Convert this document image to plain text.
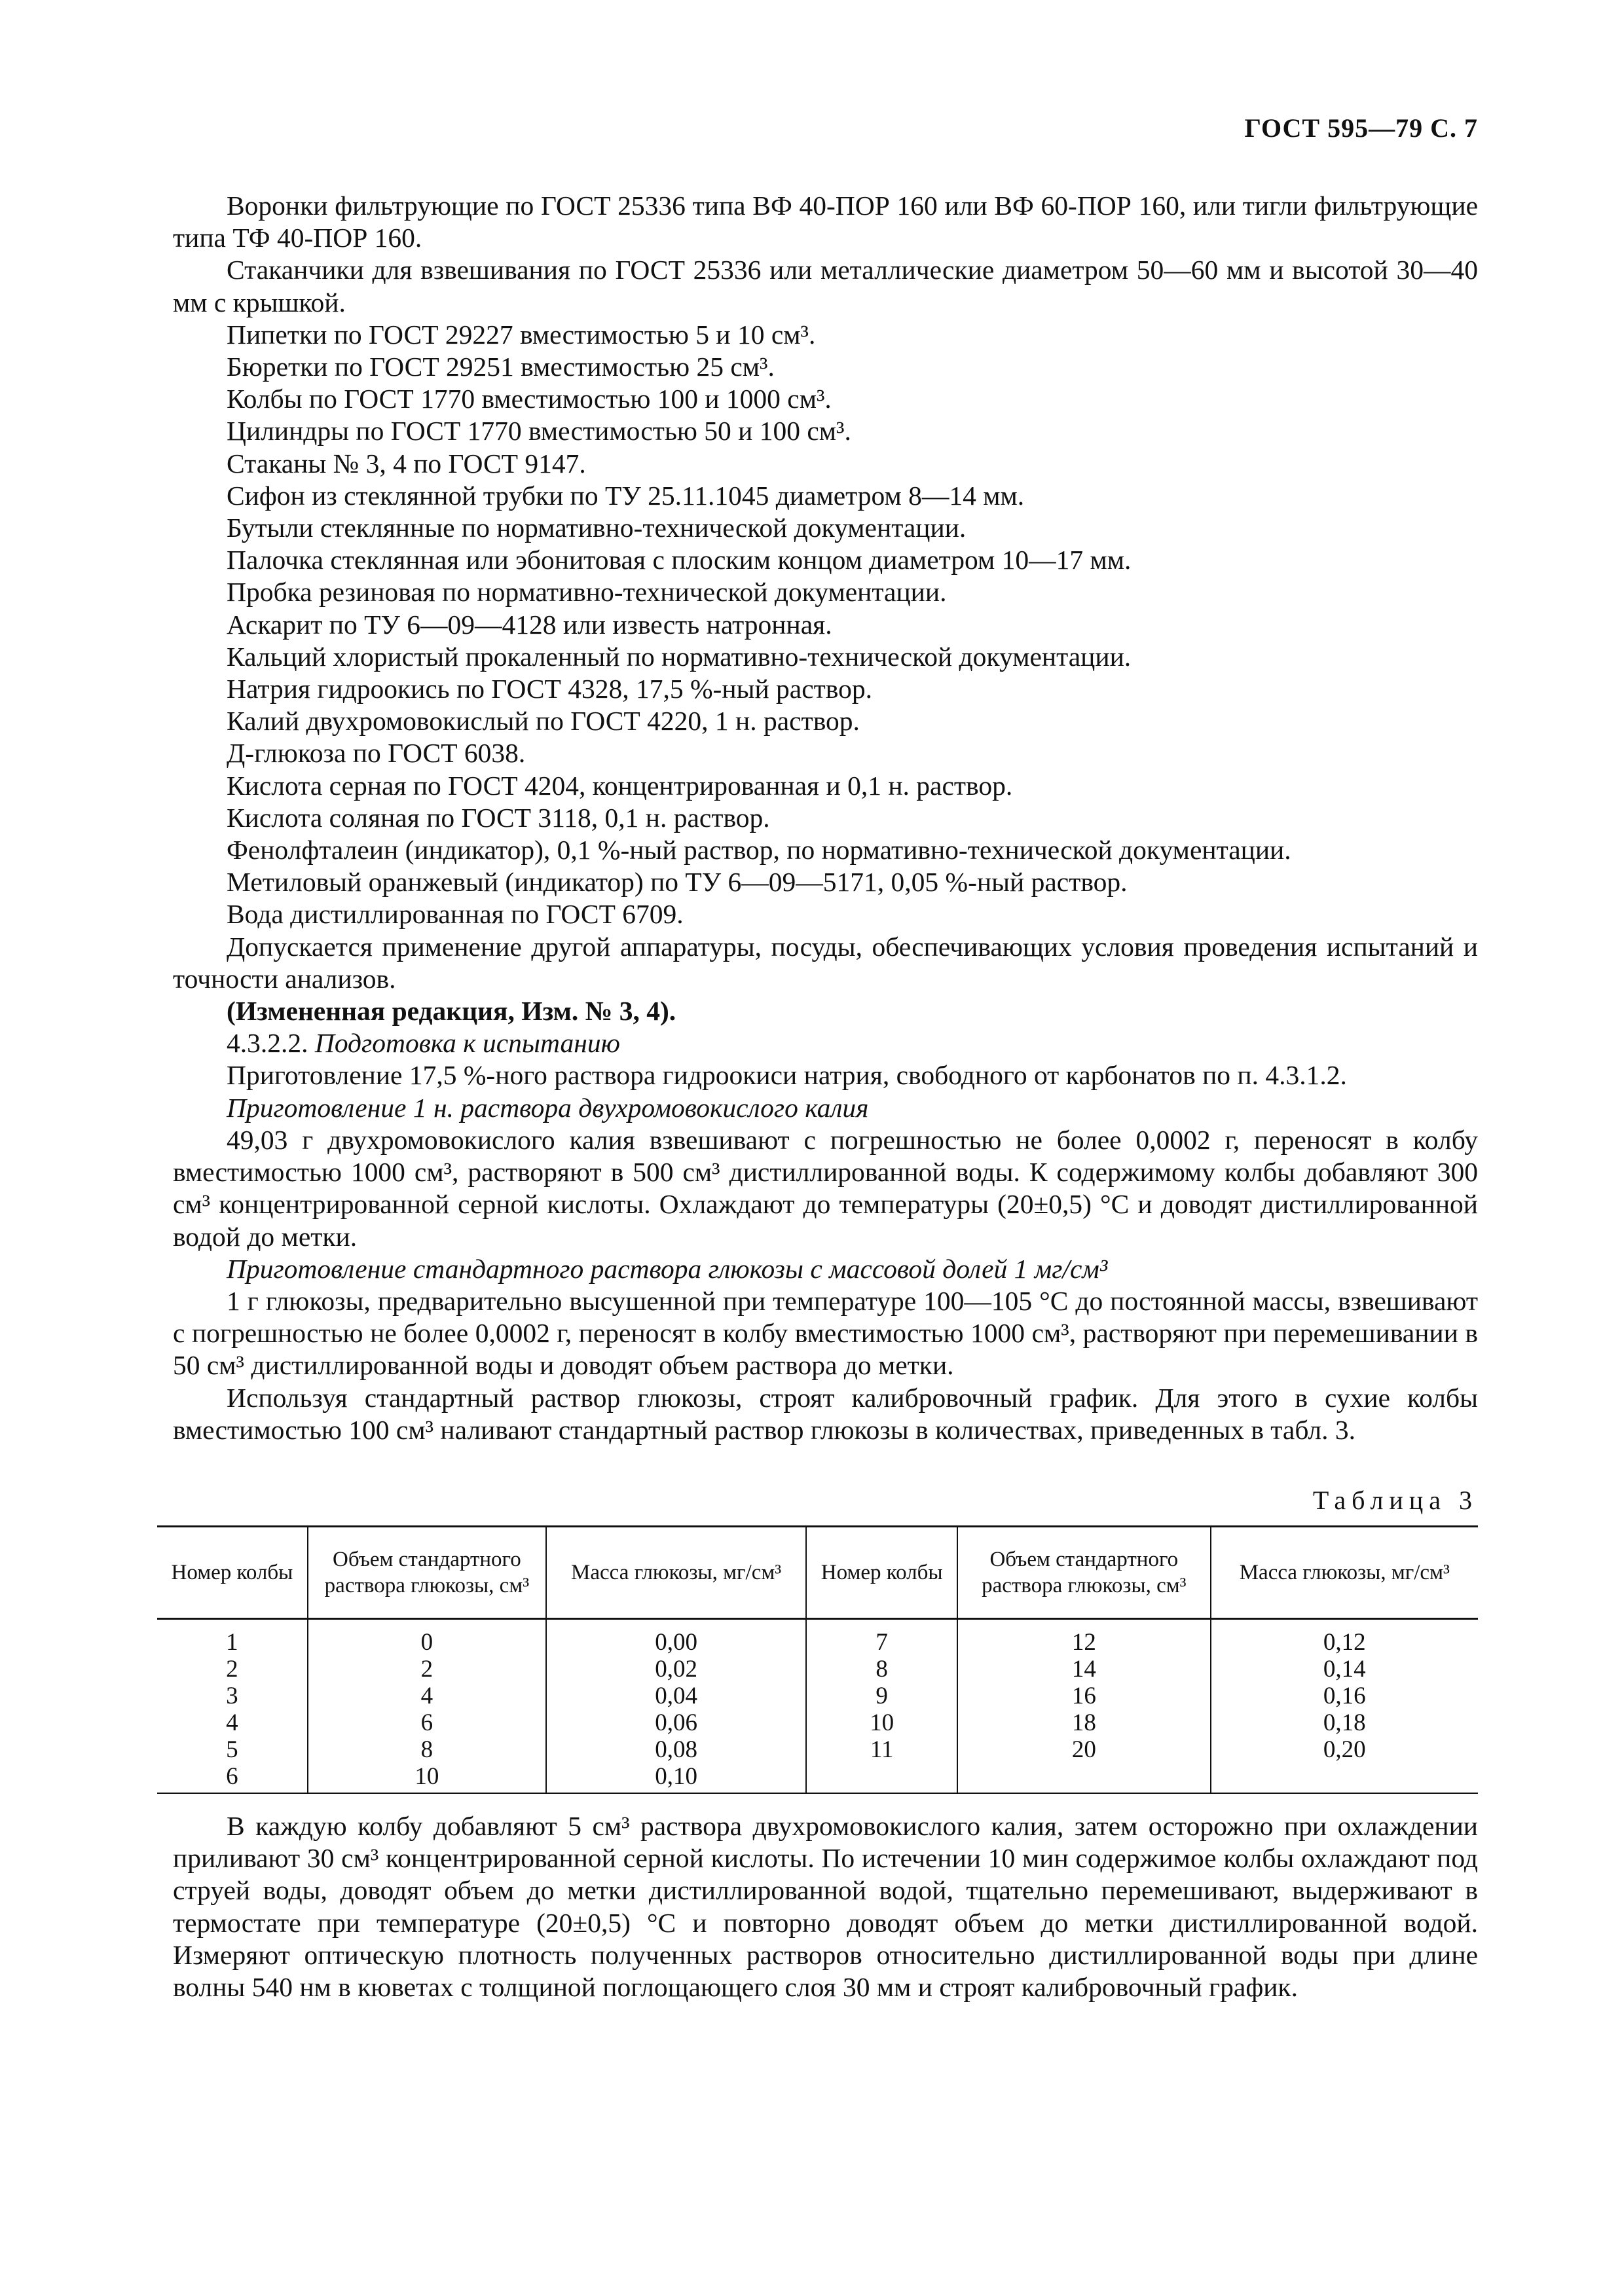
ГОСТ 595—79 С. 7

Воронки фильтрующие по ГОСТ 25336 типа ВФ 40-ПОР 160 или ВФ 60-ПОР 160, или тигли фильтрующие типа ТФ 40-ПОР 160.

Стаканчики для взвешивания по ГОСТ 25336 или металлические диаметром 50—60 мм и высотой 30—40 мм с крышкой.

Пипетки по ГОСТ 29227 вместимостью 5 и 10 см³.

Бюретки по ГОСТ 29251 вместимостью 25 см³.

Колбы по ГОСТ 1770 вместимостью 100 и 1000 см³.

Цилиндры по ГОСТ 1770 вместимостью 50 и 100 см³.

Стаканы № 3, 4 по ГОСТ 9147.

Сифон из стеклянной трубки по ТУ 25.11.1045 диаметром 8—14 мм.

Бутыли стеклянные по нормативно-технической документации.

Палочка стеклянная или эбонитовая с плоским концом диаметром 10—17 мм.

Пробка резиновая по нормативно-технической документации.

Аскарит по ТУ 6—09—4128 или известь натронная.

Кальций хлористый прокаленный по нормативно-технической документации.

Натрия гидроокись по ГОСТ 4328, 17,5 %-ный раствор.

Калий двухромовокислый по ГОСТ 4220, 1 н. раствор.

Д-глюкоза по ГОСТ 6038.

Кислота серная по ГОСТ 4204, концентрированная и 0,1 н. раствор.

Кислота соляная по ГОСТ 3118, 0,1 н. раствор.

Фенолфталеин (индикатор), 0,1 %-ный раствор, по нормативно-технической документации.

Метиловый оранжевый (индикатор) по ТУ 6—09—5171, 0,05 %-ный раствор.

Вода дистиллированная по ГОСТ 6709.

Допускается применение другой аппаратуры, посуды, обеспечивающих условия проведения испытаний и точности анализов.

(Измененная редакция, Изм. № 3, 4).

4.3.2.2. Подготовка к испытанию

Приготовление 17,5 %-ного раствора гидроокиси натрия, свободного от карбонатов по п. 4.3.1.2.

Приготовление 1 н. раствора двухромовокислого калия

49,03 г двухромовокислого калия взвешивают с погрешностью не более 0,0002 г, переносят в колбу вместимостью 1000 см³, растворяют в 500 см³ дистиллированной воды. К содержимому колбы добавляют 300 см³ концентрированной серной кислоты. Охлаждают до температуры (20±0,5) °С и доводят дистиллированной водой до метки.

Приготовление стандартного раствора глюкозы с массовой долей 1 мг/см³

1 г глюкозы, предварительно высушенной при температуре 100—105 °С до постоянной массы, взвешивают с погрешностью не более 0,0002 г, переносят в колбу вместимостью 1000 см³, растворяют при перемешивании в 50 см³ дистиллированной воды и доводят объем раствора до метки.

Используя стандартный раствор глюкозы, строят калибровочный график. Для этого в сухие колбы вместимостью 100 см³ наливают стандартный раствор глюкозы в количествах, приведенных в табл. 3.

Таблица 3
Номер колбы	Объем стандартного раствора глюкозы, см³	Масса глюкозы, мг/см³	Номер колбы	Объем стандартного раствора глюкозы, см³	Масса глюкозы, мг/см³
1	0	0,00	7	12	0,12
2	2	0,02	8	14	0,14
3	4	0,04	9	16	0,16
4	6	0,06	10	18	0,18
5	8	0,08	11	20	0,20
6	10	0,10			

В каждую колбу добавляют 5 см³ раствора двухромовокислого калия, затем осторожно при охлаждении приливают 30 см³ концентрированной серной кислоты. По истечении 10 мин содержимое колбы охлаждают под струей воды, доводят объем до метки дистиллированной водой, тщательно перемешивают, выдерживают в термостате при температуре (20±0,5) °С и повторно доводят объем до метки дистиллированной водой. Измеряют оптическую плотность полученных растворов относительно дистиллированной воды при длине волны 540 нм в кюветах с толщиной поглощающего слоя 30 мм и строят калибровочный график.
